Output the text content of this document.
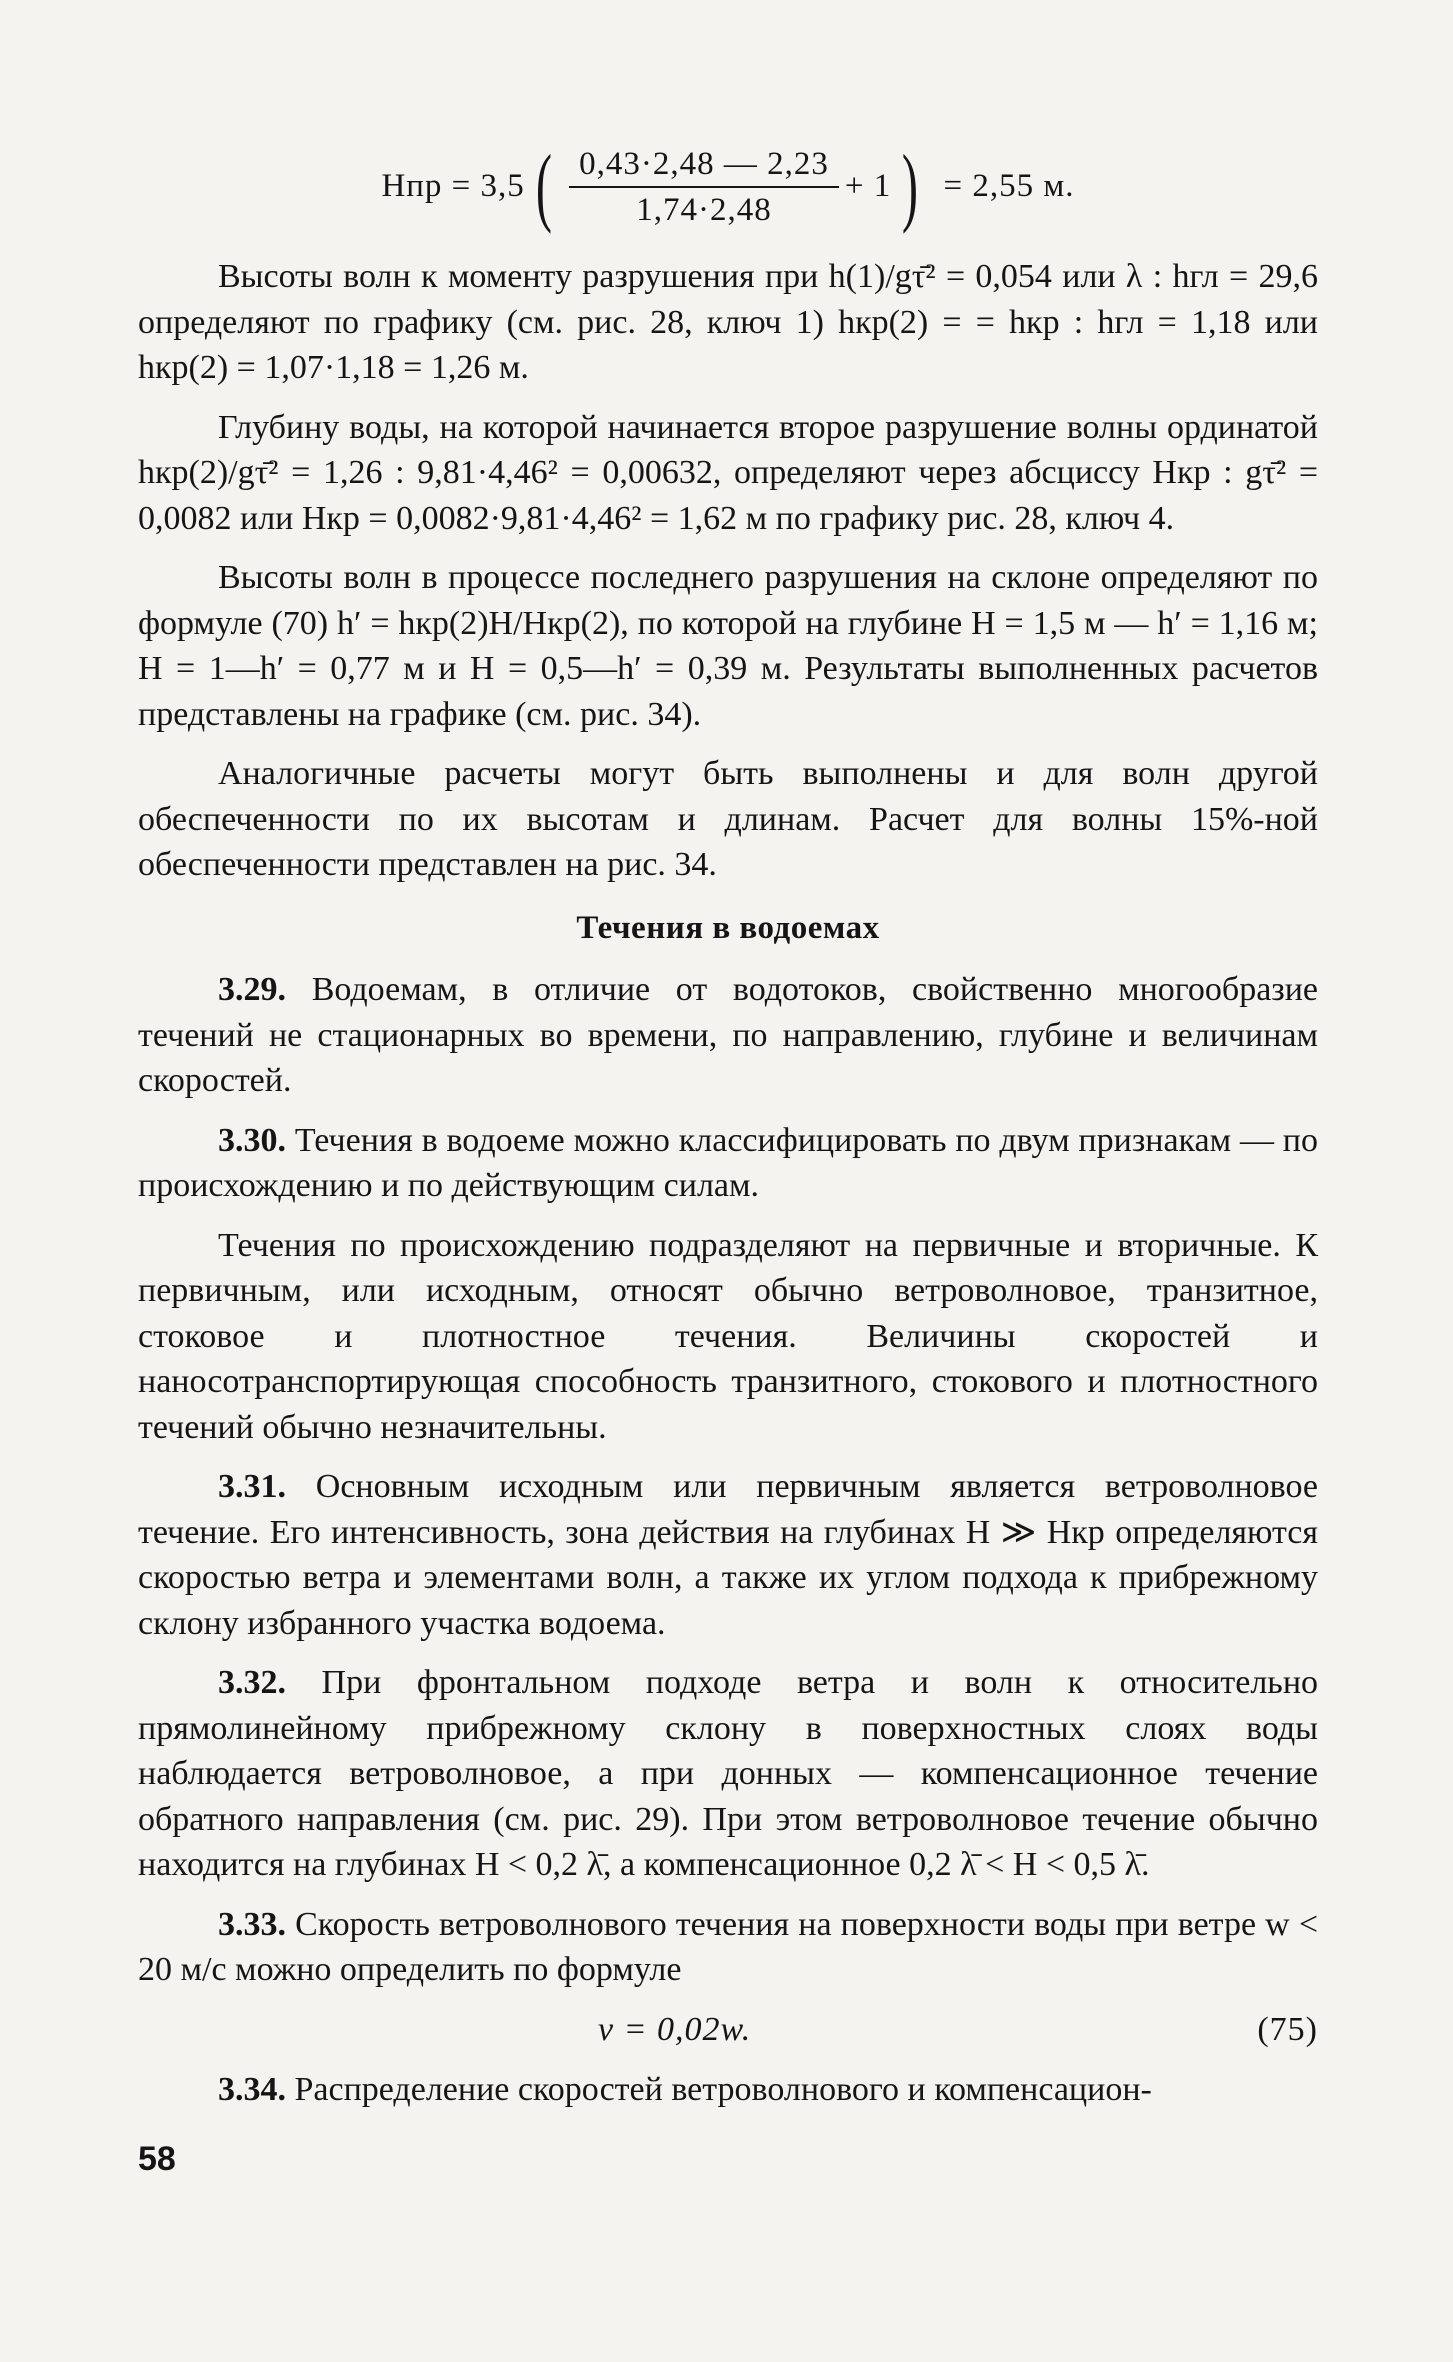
Hпр = 3,5 ( $\frac{0,43\cdot 2,48 — 2,23}{1,74\cdot 2,48} + 1$ ) = 2,55 м.

Высоты волн к моменту разрушения при h(1)/gτ̄² = 0,054 или λ : hгл = 29,6 определяют по графику (см. рис. 28, ключ 1) hкр(2) = = hкр : hгл = 1,18 или hкр(2) = 1,07·1,18 = 1,26 м.

Глубину воды, на которой начинается второе разрушение волны ординатой hкр(2)/gτ̄² = 1,26 : 9,81·4,46² = 0,00632, определяют через абсциссу Hкр : gτ̄² = 0,0082 или Hкр = 0,0082·9,81·4,46² = 1,62 м по графику рис. 28, ключ 4.

Высоты волн в процессе последнего разрушения на склоне определяют по формуле (70) h′ = hкр(2)H/Hкр(2), по которой на глубине H = 1,5 м — h′ = 1,16 м; H = 1—h′ = 0,77 м и H = 0,5—h′ = 0,39 м. Результаты выполненных расчетов представлены на графике (см. рис. 34).

Аналогичные расчеты могут быть выполнены и для волн другой обеспеченности по их высотам и длинам. Расчет для волны 15%-ной обеспеченности представлен на рис. 34.

Течения в водоемах

3.29. Водоемам, в отличие от водотоков, свойственно многообразие течений не стационарных во времени, по направлению, глубине и величинам скоростей.

3.30. Течения в водоеме можно классифицировать по двум признакам — по происхождению и по действующим силам.

Течения по происхождению подразделяют на первичные и вторичные. К первичным, или исходным, относят обычно ветроволновое, транзитное, стоковое и плотностное течения. Величины скоростей и наносотранспортирующая способность транзитного, стокового и плотностного течений обычно незначительны.

3.31. Основным исходным или первичным является ветроволновое течение. Его интенсивность, зона действия на глубинах H ≫ Hкр определяются скоростью ветра и элементами волн, а также их углом подхода к прибрежному склону избранного участка водоема.

3.32. При фронтальном подходе ветра и волн к относительно прямолинейному прибрежному склону в поверхностных слоях воды наблюдается ветроволновое, а при донных — компенсационное течение обратного направления (см. рис. 29). При этом ветроволновое течение обычно находится на глубинах H < 0,2 λ̄, а компенсационное 0,2 λ̄ < H < 0,5 λ̄.

3.33. Скорость ветроволнового течения на поверхности воды при ветре w < 20 м/с можно определить по формуле

v = 0,02w.	(75)

3.34. Распределение скоростей ветроволнового и компенсацион-

58
